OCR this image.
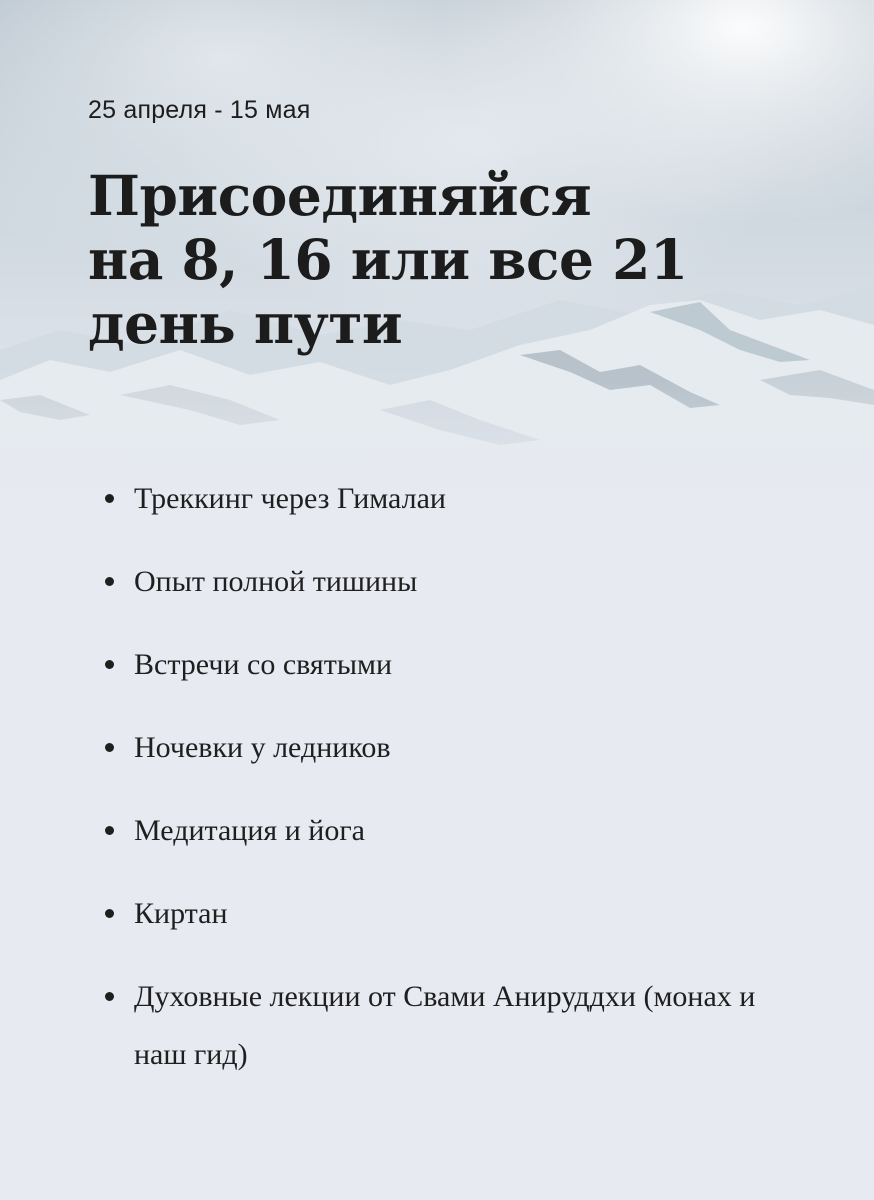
25 апреля - 15 мая
Присоединяйся
на 8, 16 или все 21
день пути
Треккинг через Гималаи
Опыт полной тишины
Встречи со святыми
Ночевки у ледников
Медитация и йога
Киртан
Духовные лекции от Свами Анируддхи (монах и наш гид)
